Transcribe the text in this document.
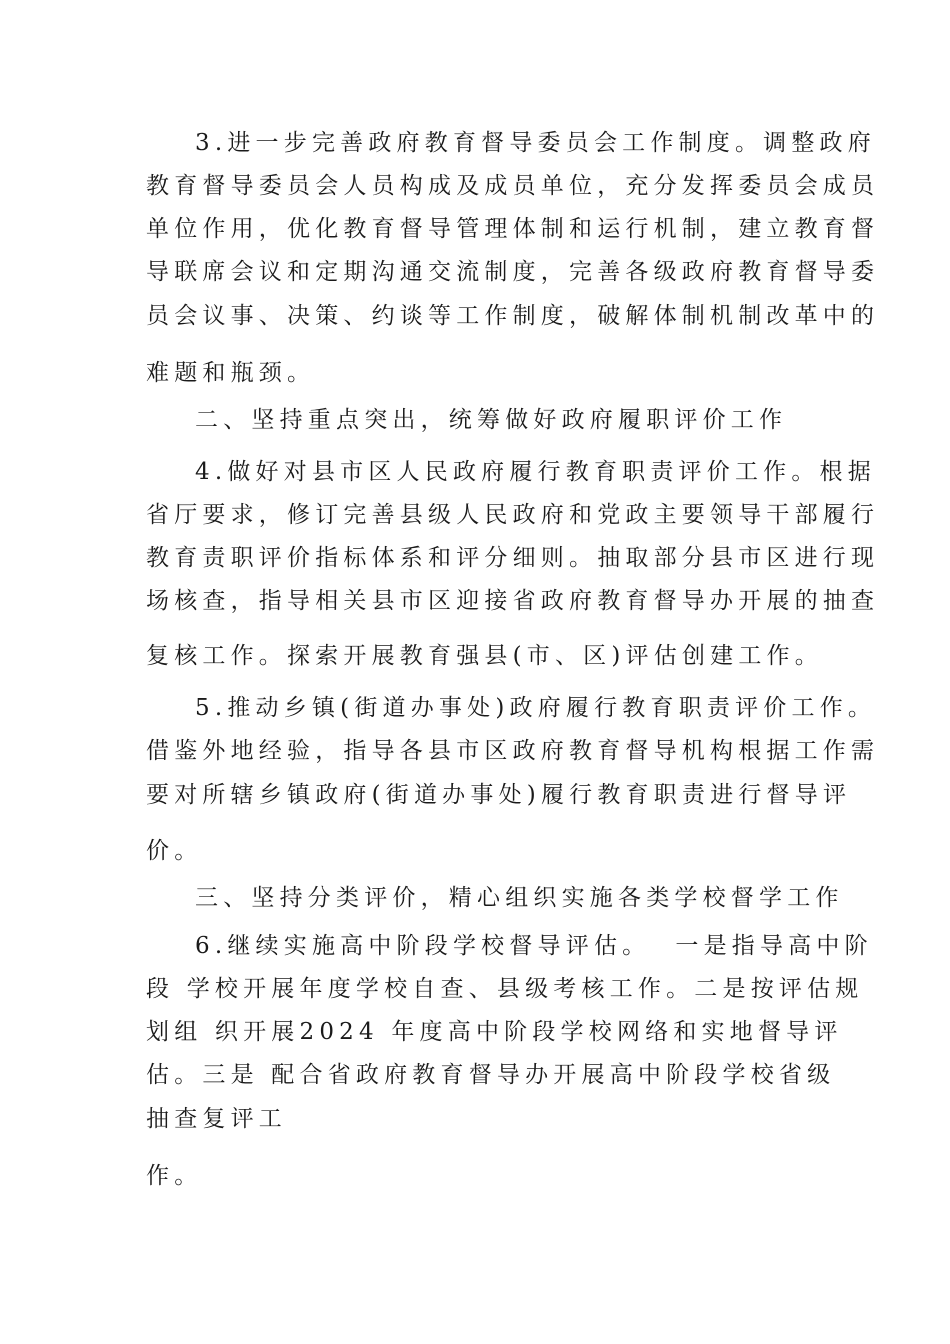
3.进一步完善政府教育督导委员会工作制度。调整政府
教育督导委员会人员构成及成员单位，充分发挥委员会成员
单位作用，优化教育督导管理体制和运行机制，建立教育督
导联席会议和定期沟通交流制度，完善各级政府教育督导委
员会议事、决策、约谈等工作制度，破解体制机制改革中的
难题和瓶颈。
二、坚持重点突出，统筹做好政府履职评价工作
4.做好对县市区人民政府履行教育职责评价工作。根据
省厅要求，修订完善县级人民政府和党政主要领导干部履行
教育责职评价指标体系和评分细则。抽取部分县市区进行现
场核查，指导相关县市区迎接省政府教育督导办开展的抽查
复核工作。探索开展教育强县(市、区)评估创建工作。
5.推动乡镇(街道办事处)政府履行教育职责评价工作。
借鉴外地经验，指导各县市区政府教育督导机构根据工作需
要对所辖乡镇政府(街道办事处)履行教育职责进行督导评
价。
三、坚持分类评价，精心组织实施各类学校督学工作
6.继续实施高中阶段学校督导评估。  一是指导高中阶
段 学校开展年度学校自查、县级考核工作。二是按评估规
划组 织开展2024 年度高中阶段学校网络和实地督导评
估。三是 配合省政府教育督导办开展高中阶段学校省级
抽查复评工
作。
